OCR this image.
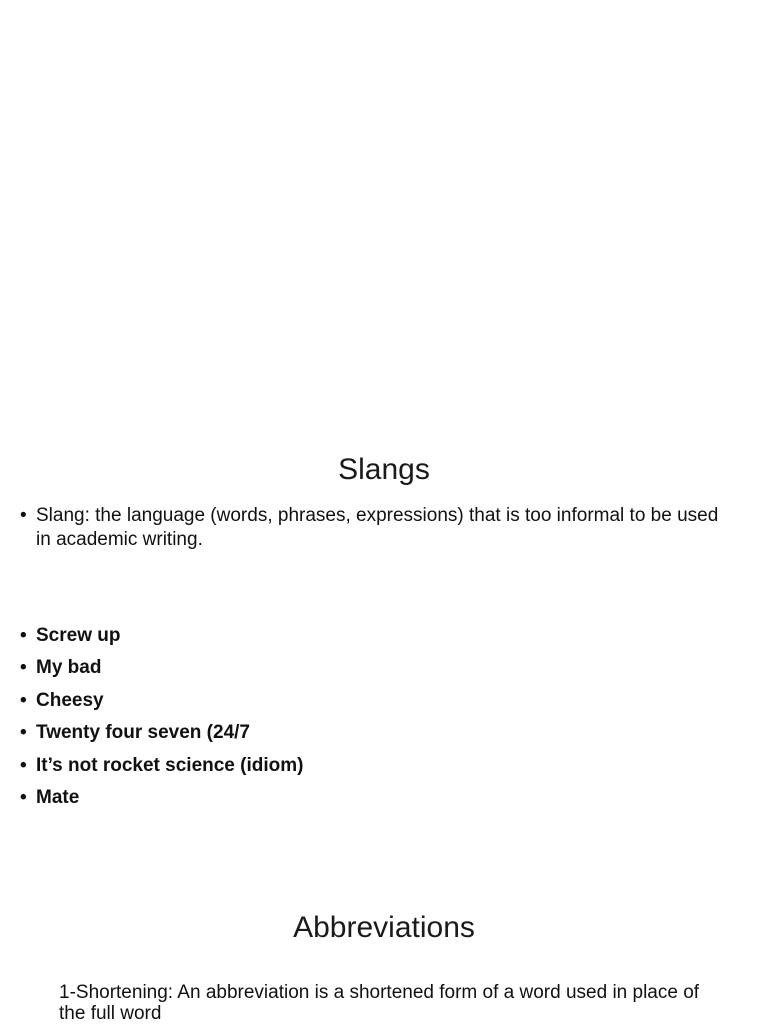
Slangs
• Slang: the language (words, phrases, expressions) that is too informal to be used in academic writing.
• Screw up
• My bad
• Cheesy
• Twenty four seven (24/7
• It’s not rocket science (idiom)
• Mate
Abbreviations

1-Shortening: An abbreviation is a shortened form of a word used in place of the full word
